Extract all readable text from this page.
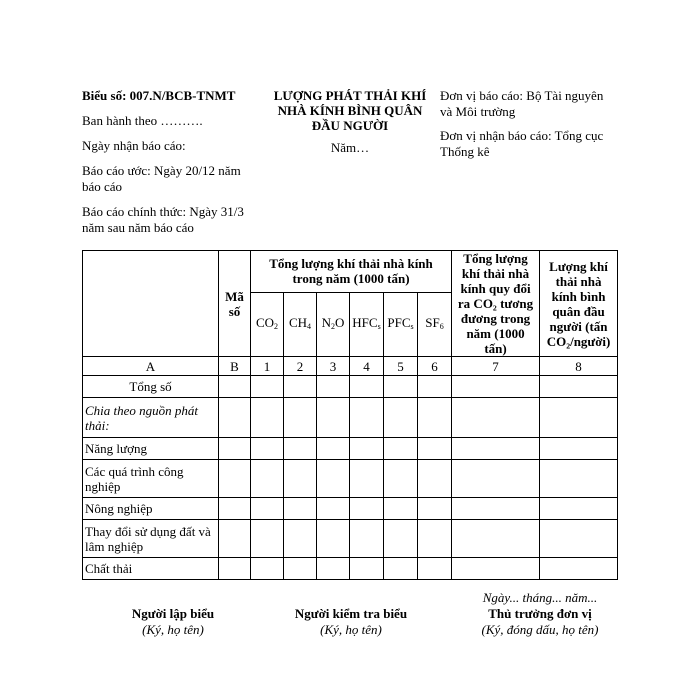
Biểu số: 007.N/BCB-TNMT

Ban hành theo ……….

Ngày nhận báo cáo:

Báo cáo ước: Ngày 20/12 năm báo cáo

Báo cáo chính thức: Ngày 31/3 năm sau năm báo cáo

LƯỢNG PHÁT THẢI KHÍ NHÀ KÍNH BÌNH QUÂN ĐẦU NGƯỜI

Năm…

Đơn vị báo cáo: Bộ Tài nguyên và Môi trường

Đơn vị nhận báo cáo: Tổng cục Thống kê

	Mã số	Tổng lượng khí thải nhà kính trong năm (1000 tấn)						Tổng lượng khí thải nhà kính quy đổi ra CO₂ tương đương trong năm (1000 tấn)	Lượng khí thải nhà kính bình quân đầu người (tấn CO₂/người)
		$CO_2$	$CH_4$	$N_2O$	$HFC_s$	$PFC_s$	$SF_6$
A	B	1	2	3	4	5	6	7	8
Tổng số									
Chia theo nguồn phát thải:									
Năng lượng									
Các quá trình công nghiệp									
Nông nghiệp									
Thay đổi sử dụng đất và lâm nghiệp									
Chất thải									
Người lập biểu
(Ký, họ tên)
Người kiểm tra biểu
(Ký, họ tên)
Ngày... tháng... năm...
Thủ trưởng đơn vị
(Ký, đóng dấu, họ tên)
